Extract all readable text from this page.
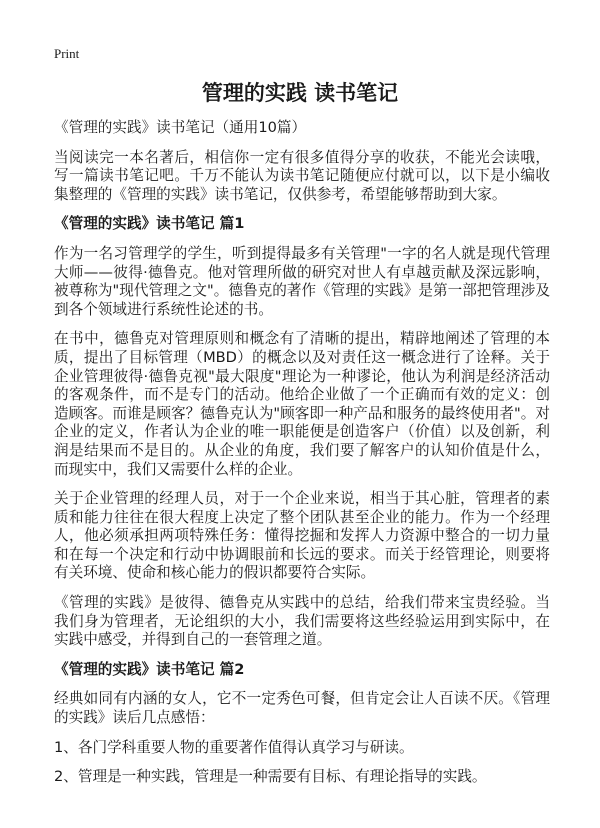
Print
管理的实践 读书笔记

《管理的实践》读书笔记（通用10篇）

当阅读完一本名著后，相信你一定有很多值得分享的收获，不能光会读哦，写一篇读书笔记吧。千万不能认为读书笔记随便应付就可以，以下是小编收集整理的《管理的实践》读书笔记，仅供参考，希望能够帮助到大家。

《管理的实践》读书笔记 篇1

作为一名习管理学的学生，听到提得最多有关管理"一字的名人就是现代管理大师——彼得·德鲁克。他对管理所做的研究对世人有卓越贡献及深远影响，被尊称为"现代管理之文"。德鲁克的著作《管理的实践》是第一部把管理涉及到各个领域进行系统性论述的书。

在书中，德鲁克对管理原则和概念有了清晰的提出，精辟地阐述了管理的本质，提出了目标管理（MBD）的概念以及对责任这一概念进行了诠释。关于企业管理彼得·德鲁克视"最大限度"理论为一种谬论，他认为利润是经济活动的客观条件，而不是专门的活动。他给企业做了一个正确而有效的定义：创造顾客。而谁是顾客？德鲁克认为"顾客即一种产品和服务的最终使用者"。对企业的定义，作者认为企业的唯一职能便是创造客户（价值）以及创新，利润是结果而不是目的。从企业的角度，我们要了解客户的认知价值是什么，而现实中，我们又需要什么样的企业。

关于企业管理的经理人员，对于一个企业来说，相当于其心脏，管理者的素质和能力往往在很大程度上决定了整个团队甚至企业的能力。作为一个经理人，他必须承担两项特殊任务：懂得挖掘和发挥人力资源中整合的一切力量和在每一个决定和行动中协调眼前和长远的要求。而关于经管理论，则要将有关环境、使命和核心能力的假识都要符合实际。

《管理的实践》是彼得、德鲁克从实践中的总结，给我们带来宝贵经验。当我们身为管理者，无论组织的大小，我们需要将这些经验运用到实际中，在实践中感受，并得到自己的一套管理之道。

《管理的实践》读书笔记 篇2

经典如同有内涵的女人，它不一定秀色可餐，但肯定会让人百读不厌。《管理的实践》读后几点感悟：

1、各门学科重要人物的重要著作值得认真学习与研读。

2、管理是一种实践，管理是一种需要有目标、有理论指导的实践。
